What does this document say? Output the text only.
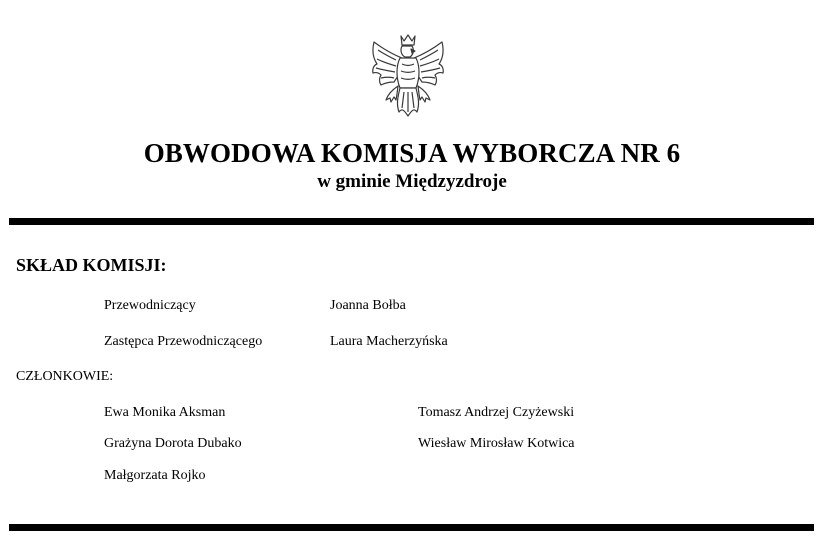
OBWODOWA KOMISJA WYBORCZA NR 6
w gminie Międzyzdroje
SKŁAD KOMISJI:
Przewodniczący	Joanna Bołba
Zastępca Przewodniczącego	Laura Macherzyńska
CZŁONKOWIE:
Ewa Monika Aksman
Grażyna Dorota Dubako
Małgorzata Rojko
Tomasz Andrzej Czyżewski
Wiesław Mirosław Kotwica
